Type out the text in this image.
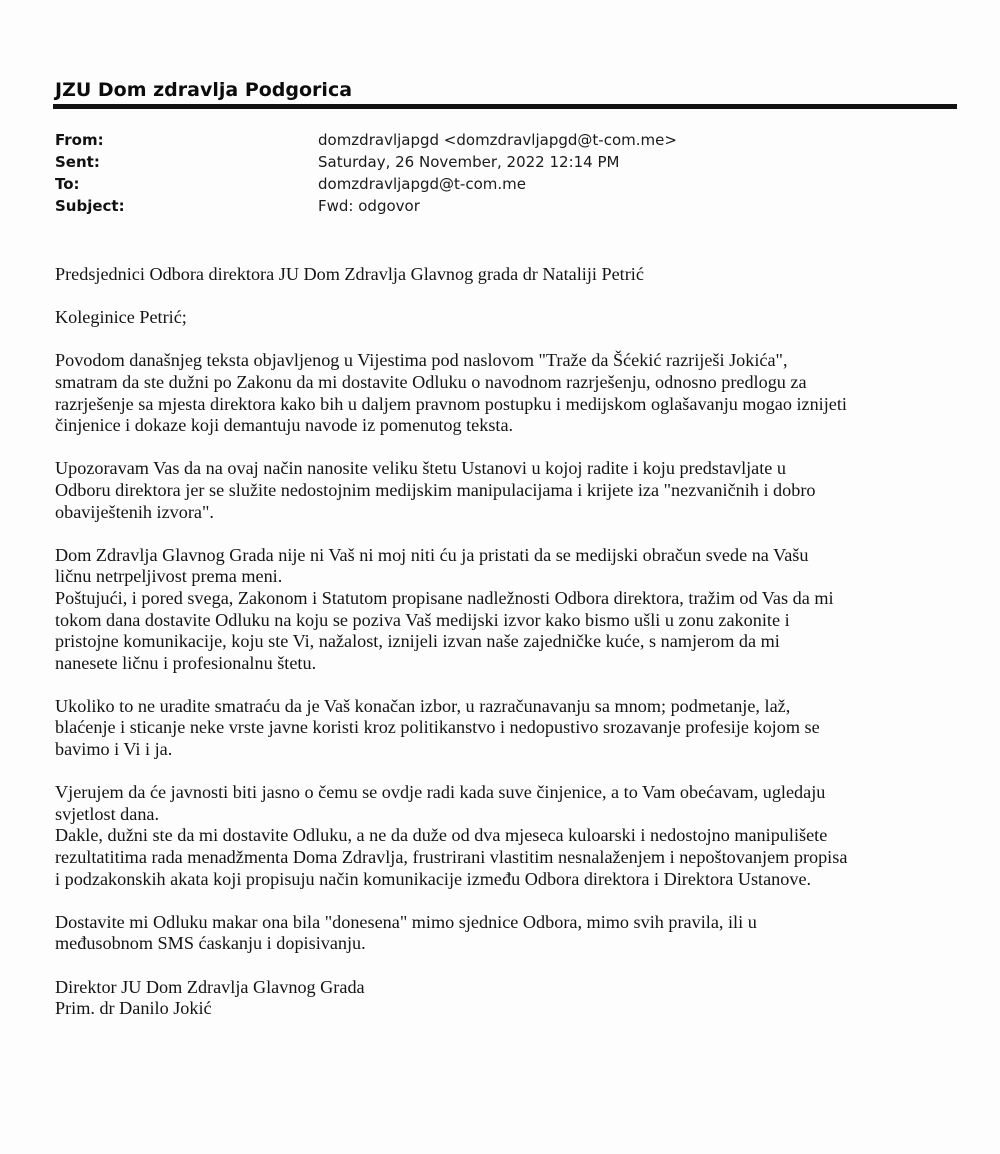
JZU Dom zdravlja Podgorica
From:	domzdravljapgd <domzdravljapgd@t-com.me>
Sent:	Saturday, 26 November, 2022 12:14 PM
To:	domzdravljapgd@t-com.me
Subject:	Fwd: odgovor

Predsjednici Odbora direktora JU Dom Zdravlja Glavnog grada dr Nataliji Petrić

Koleginice Petrić;

Povodom današnjeg teksta objavljenog u Vijestima pod naslovom "Traže da Šćekić razriješi Jokića",
smatram da ste dužni po Zakonu da mi dostavite Odluku o navodnom razrješenju, odnosno predlogu za
razrješenje sa mjesta direktora kako bih u daljem pravnom postupku i medijskom oglašavanju mogao iznijeti
činjenice i dokaze koji demantuju navode iz pomenutog teksta.

Upozoravam Vas da na ovaj način nanosite veliku štetu Ustanovi u kojoj radite i koju predstavljate u
Odboru direktora jer se služite nedostojnim medijskim manipulacijama i krijete iza "nezvaničnih i dobro
obaviještenih izvora".

Dom Zdravlja Glavnog Grada nije ni Vaš ni moj niti ću ja pristati da se medijski obračun svede na Vašu
ličnu netrpeljivost prema meni.

Poštujući, i pored svega, Zakonom i Statutom propisane nadležnosti Odbora direktora, tražim od Vas da mi
tokom dana dostavite Odluku na koju se poziva Vaš medijski izvor kako bismo ušli u zonu zakonite i
pristojne komunikacije, koju ste Vi, nažalost, iznijeli izvan naše zajedničke kuće, s namjerom da mi
nanesete ličnu i profesionalnu štetu.

Ukoliko to ne uradite smatraću da je Vaš konačan izbor, u razračunavanju sa mnom; podmetanje, laž,
blaćenje i sticanje neke vrste javne koristi kroz politikanstvo i nedopustivo srozavanje profesije kojom se
bavimo i Vi i ja.

Vjerujem da će javnosti biti jasno o čemu se ovdje radi kada suve činjenice, a to Vam obećavam, ugledaju
svjetlost dana.

Dakle, dužni ste da mi dostavite Odluku, a ne da duže od dva mjeseca kuloarski i nedostojno manipulišete
rezultatitima rada menadžmenta Doma Zdravlja, frustrirani vlastitim nesnalaženjem i nepoštovanjem propisa
i podzakonskih akata koji propisuju način komunikacije između Odbora direktora i Direktora Ustanove.

Dostavite mi Odluku makar ona bila "donesena" mimo sjednice Odbora, mimo svih pravila, ili u
međusobnom SMS ćaskanju i dopisivanju.

Direktor JU Dom Zdravlja Glavnog Grada

Prim. dr Danilo Jokić
